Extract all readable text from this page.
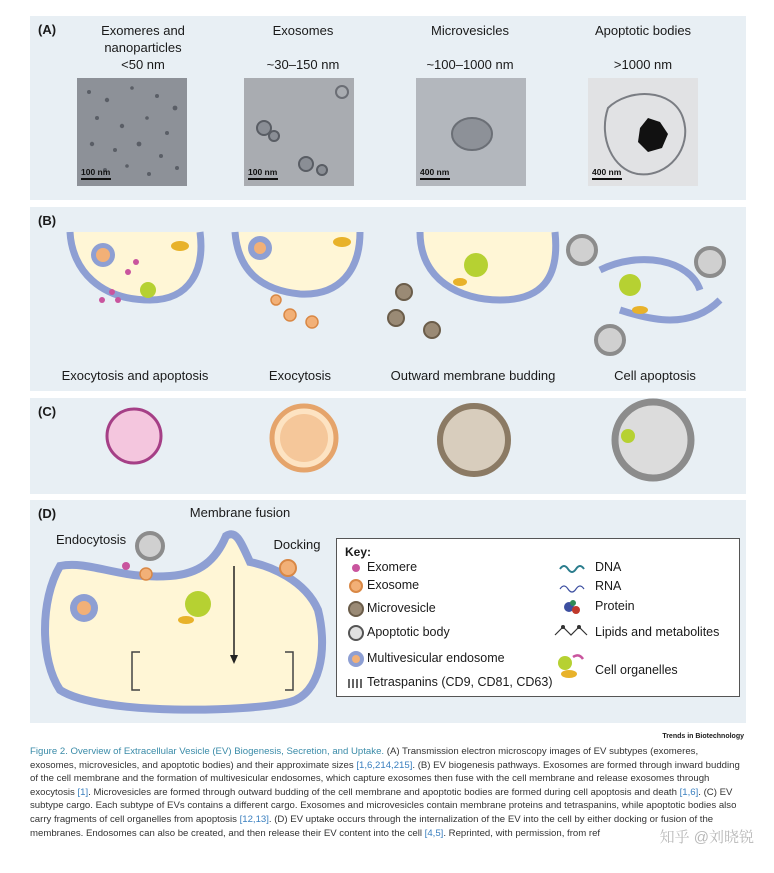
(A)	Exomeres and
nanoparticles
<50 nm
Exosomes

~30–150 nm
Microvesicles

~100–1000 nm
Apoptotic bodies

>1000 nm
100 nm	100 nm	400 nm	400 nm
(B)
Exocytosis and apoptosis	Exocytosis	Outward membrane budding	Cell apoptosis
(C)
(D)
Endocytosis
Membrane fusion
Docking	Key:
Exomere
Exosome
Microvesicle
Apoptotic body
Multivesicular endosome
Tetraspanins (CD9, CD81, CD63)
DNA
RNA
Protein
Lipids and metabolites
Cell organelles
Trends in Biotechnology
Figure 2. Overview of Extracellular Vesicle (EV) Biogenesis, Secretion, and Uptake. (A) Transmission electron microscopy images of EV subtypes (exomeres, exosomes, microvesicles, and apoptotic bodies) and their approximate sizes [1,6,214,215]. (B) EV biogenesis pathways. Exosomes are formed through inward budding of the cell membrane and the formation of multivesicular endosomes, which capture exosomes then fuse with the cell membrane and release exosomes through exocytosis [1]. Microvesicles are formed through outward budding of the cell membrane and apoptotic bodies are formed during cell apoptosis and death [1,6]. (C) EV subtype cargo. Each subtype of EVs contains a different cargo. Exosomes and microvesicles contain membrane proteins and tetraspanins, while apoptotic bodies also carry fragments of cell organelles from apoptosis [12,13]. (D) EV uptake occurs through the internalization of the EV into the cell by either docking or fusion of the membranes. Endosomes can also be created, and then release their EV content into the cell [4,5]. Reprinted, with permission, from ref	知乎 @刘晓锐
